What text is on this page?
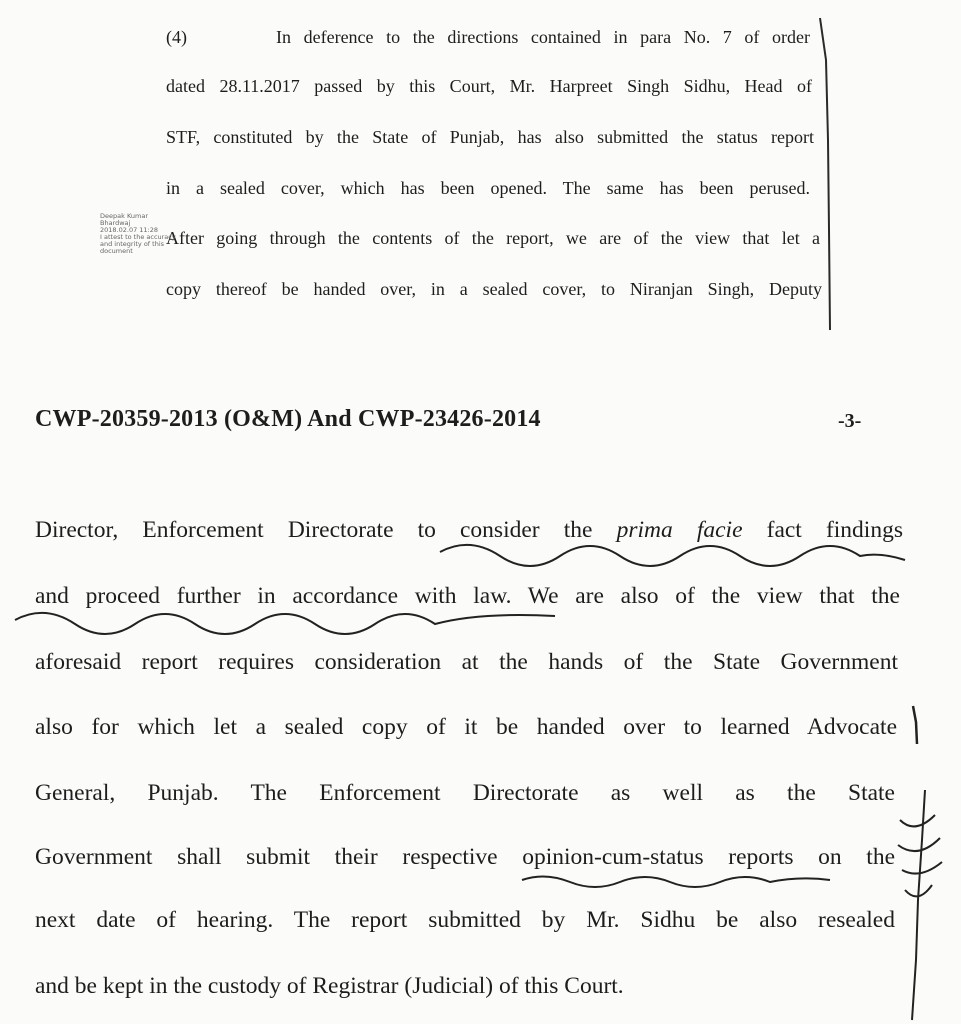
(4)	In deference to the directions contained in para No. 7 of order
dated 28.11.2017 passed by this Court, Mr. Harpreet Singh Sidhu, Head of
STF, constituted by the State of Punjab, has also submitted the status report
in a sealed cover, which has been opened. The same has been perused.
After going through the contents of the report, we are of the view that let a
copy thereof be handed over, in a sealed cover, to Niranjan Singh, Deputy
Deepak Kumar Bhardwaj
2018.02.07 11:28
I attest to the accuracy and integrity of this document
CWP-20359-2013 (O&M) And CWP-23426-2014	-3-
Director, Enforcement Directorate to consider the prima facie fact findings
and proceed further in accordance with law. We are also of the view that the
aforesaid report requires consideration at the hands of the State Government
also for which let a sealed copy of it be handed over to learned Advocate
General, Punjab. The Enforcement Directorate as well as the State
Government shall submit their respective opinion-cum-status reports on the
next date of hearing. The report submitted by Mr. Sidhu be also resealed
and be kept in the custody of Registrar (Judicial) of this Court.
